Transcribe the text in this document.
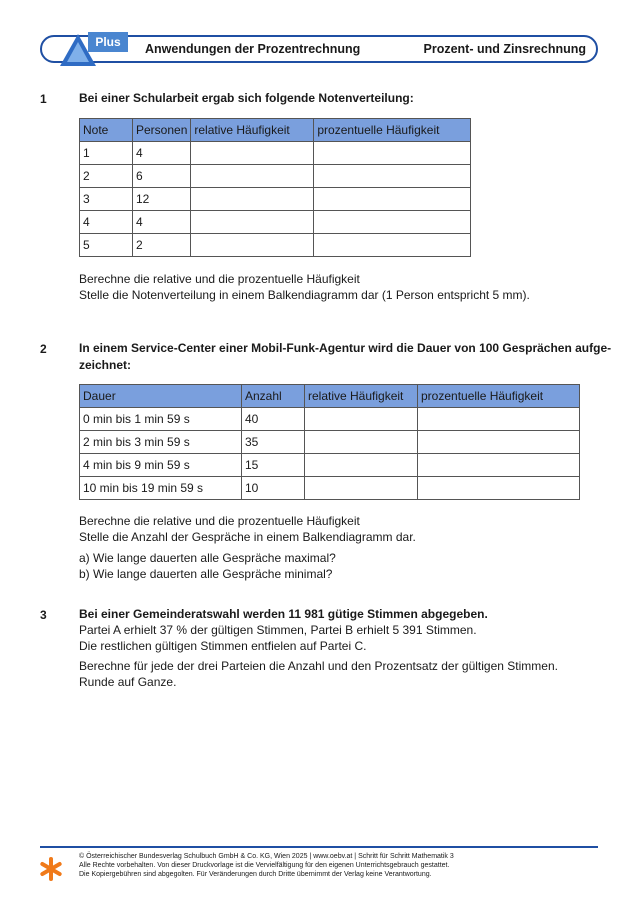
Plus	Anwendungen der Prozentrechnung	Prozent- und Zinsrechnung
1	Bei einer Schularbeit ergab sich folgende Notenverteilung:
Note	Personen	relative Häufigkeit	prozentuelle Häufigkeit
1	4		
2	6		
3	12		
4	4		
5	2		
Berechne die relative und die prozentuelle Häufigkeit
Stelle die Notenverteilung in einem Balkendiagramm dar (1 Person entspricht 5 mm).
2	In einem Service-Center einer Mobil-Funk-Agentur wird die Dauer von 100 Gesprächen aufge-
zeichnet:
Dauer	Anzahl	relative Häufigkeit	prozentuelle Häufigkeit
0 min bis 1 min 59 s	40		
2 min bis 3 min 59 s	35		
4 min bis 9 min 59 s	15		
10 min bis 19 min 59 s	10		
Berechne die relative und die prozentuelle Häufigkeit
Stelle die Anzahl der Gespräche in einem Balkendiagramm dar.
a) Wie lange dauerten alle Gespräche maximal?
b) Wie lange dauerten alle Gespräche minimal?
3	Bei einer Gemeinderatswahl werden 11 981 gütige Stimmen abgegeben.
Partei A erhielt 37 % der gültigen Stimmen, Partei B erhielt 5 391 Stimmen.
Die restlichen gültigen Stimmen entfielen auf Partei C.
Berechne für jede der drei Parteien die Anzahl und den Prozentsatz der gültigen Stimmen.
Runde auf Ganze.
© Österreichischer Bundesverlag Schulbuch GmbH & Co. KG, Wien 2025 | www.oebv.at | Schritt für Schritt Mathematik 3
Alle Rechte vorbehalten. Von dieser Druckvorlage ist die Vervielfältigung für den eigenen Unterrichtsgebrauch gestattet.
Die Kopiergebühren sind abgegolten. Für Veränderungen durch Dritte übernimmt der Verlag keine Verantwortung.
